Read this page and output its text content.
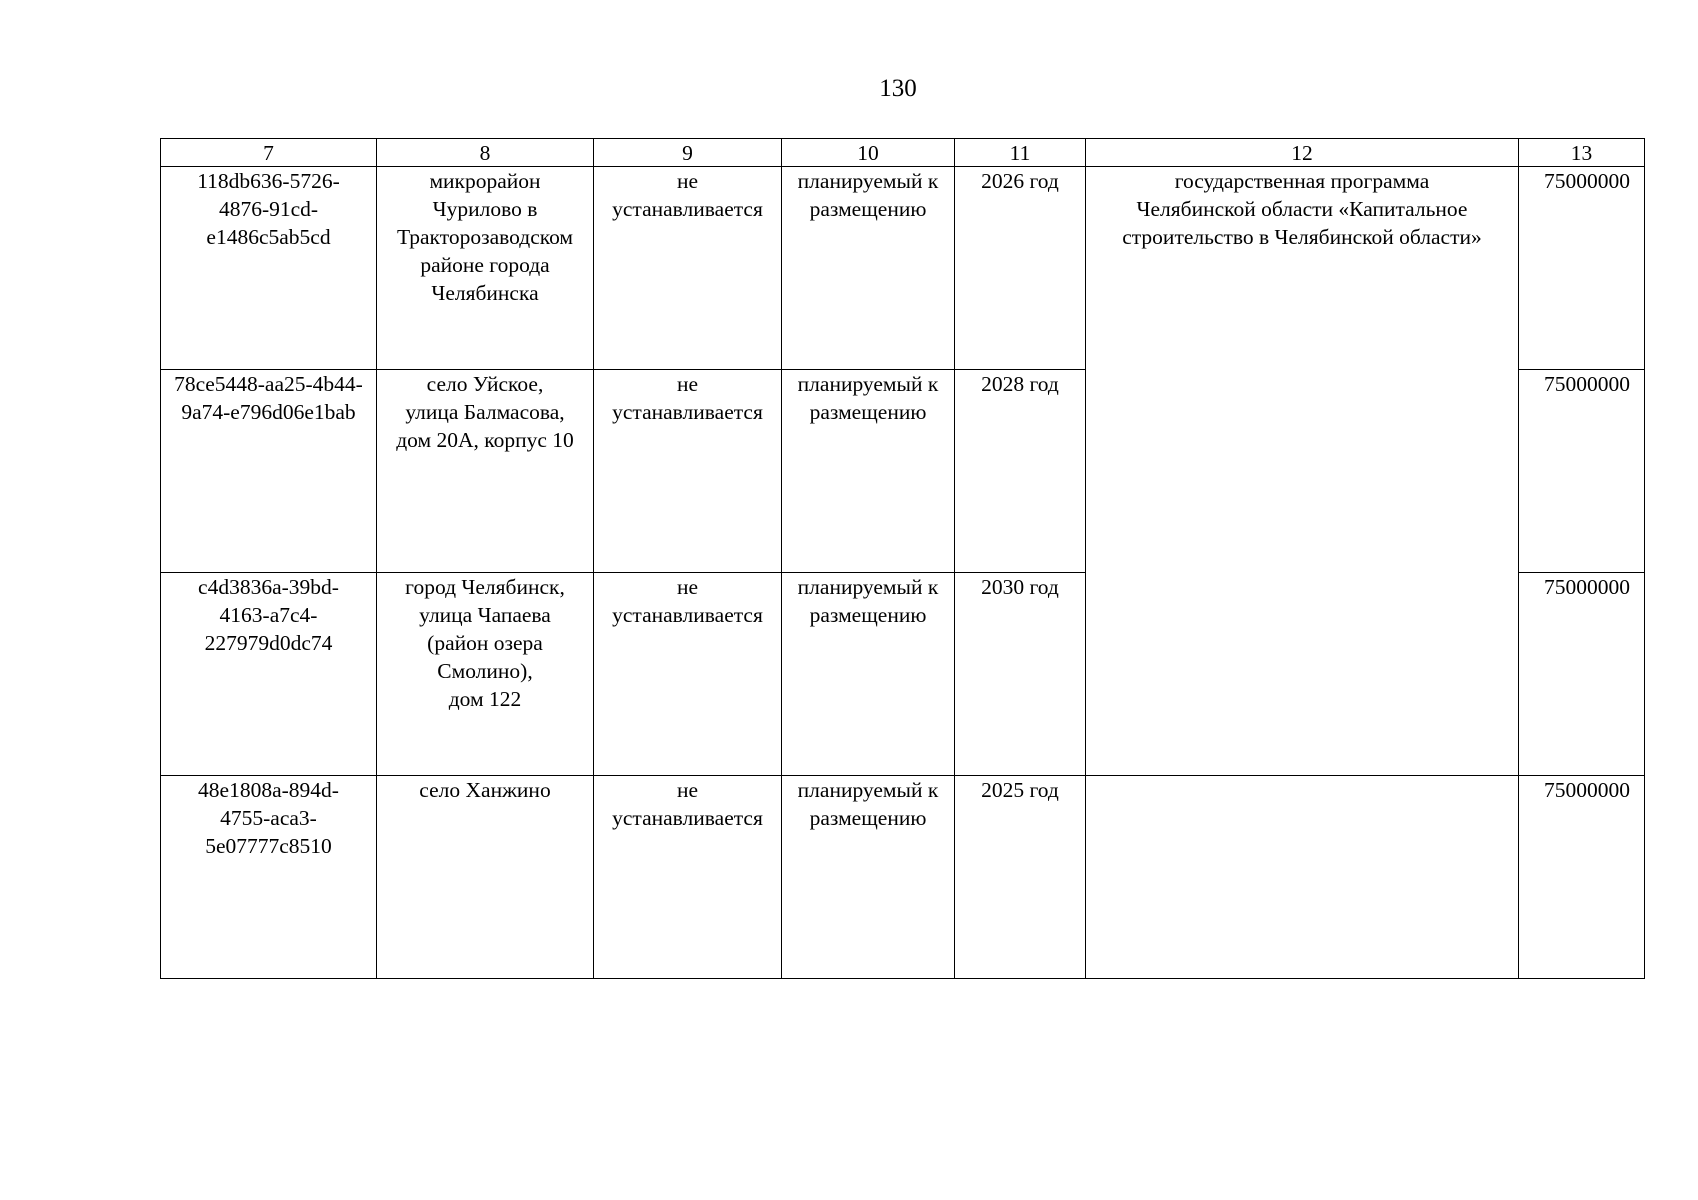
130
7	8	9	10	11	12	13

118db636-5726-
4876-91cd-
e1486c5ab5cd	микрорайон
Чурилово в
Тракторозаводском
районе города
Челябинска	не
устанавливается	планируемый к
размещению	2026 год	государственная программа
Челябинской области «Капитальное
строительство в Челябинской области»	75000000

78ce5448-aa25-4b44-
9a74-e796d06e1bab	село Уйское,
улица Балмасова,
дом 20А, корпус 10	не
устанавливается	планируемый к
размещению	2028 год		75000000

c4d3836a-39bd-
4163-a7c4-
227979d0dc74	город Челябинск,
улица Чапаева
(район озера
Смолино),
дом 122	не
устанавливается	планируемый к
размещению	2030 год		75000000

48e1808a-894d-
4755-aca3-
5e07777c8510	село Ханжино	не
устанавливается	планируемый к
размещению	2025 год		75000000
